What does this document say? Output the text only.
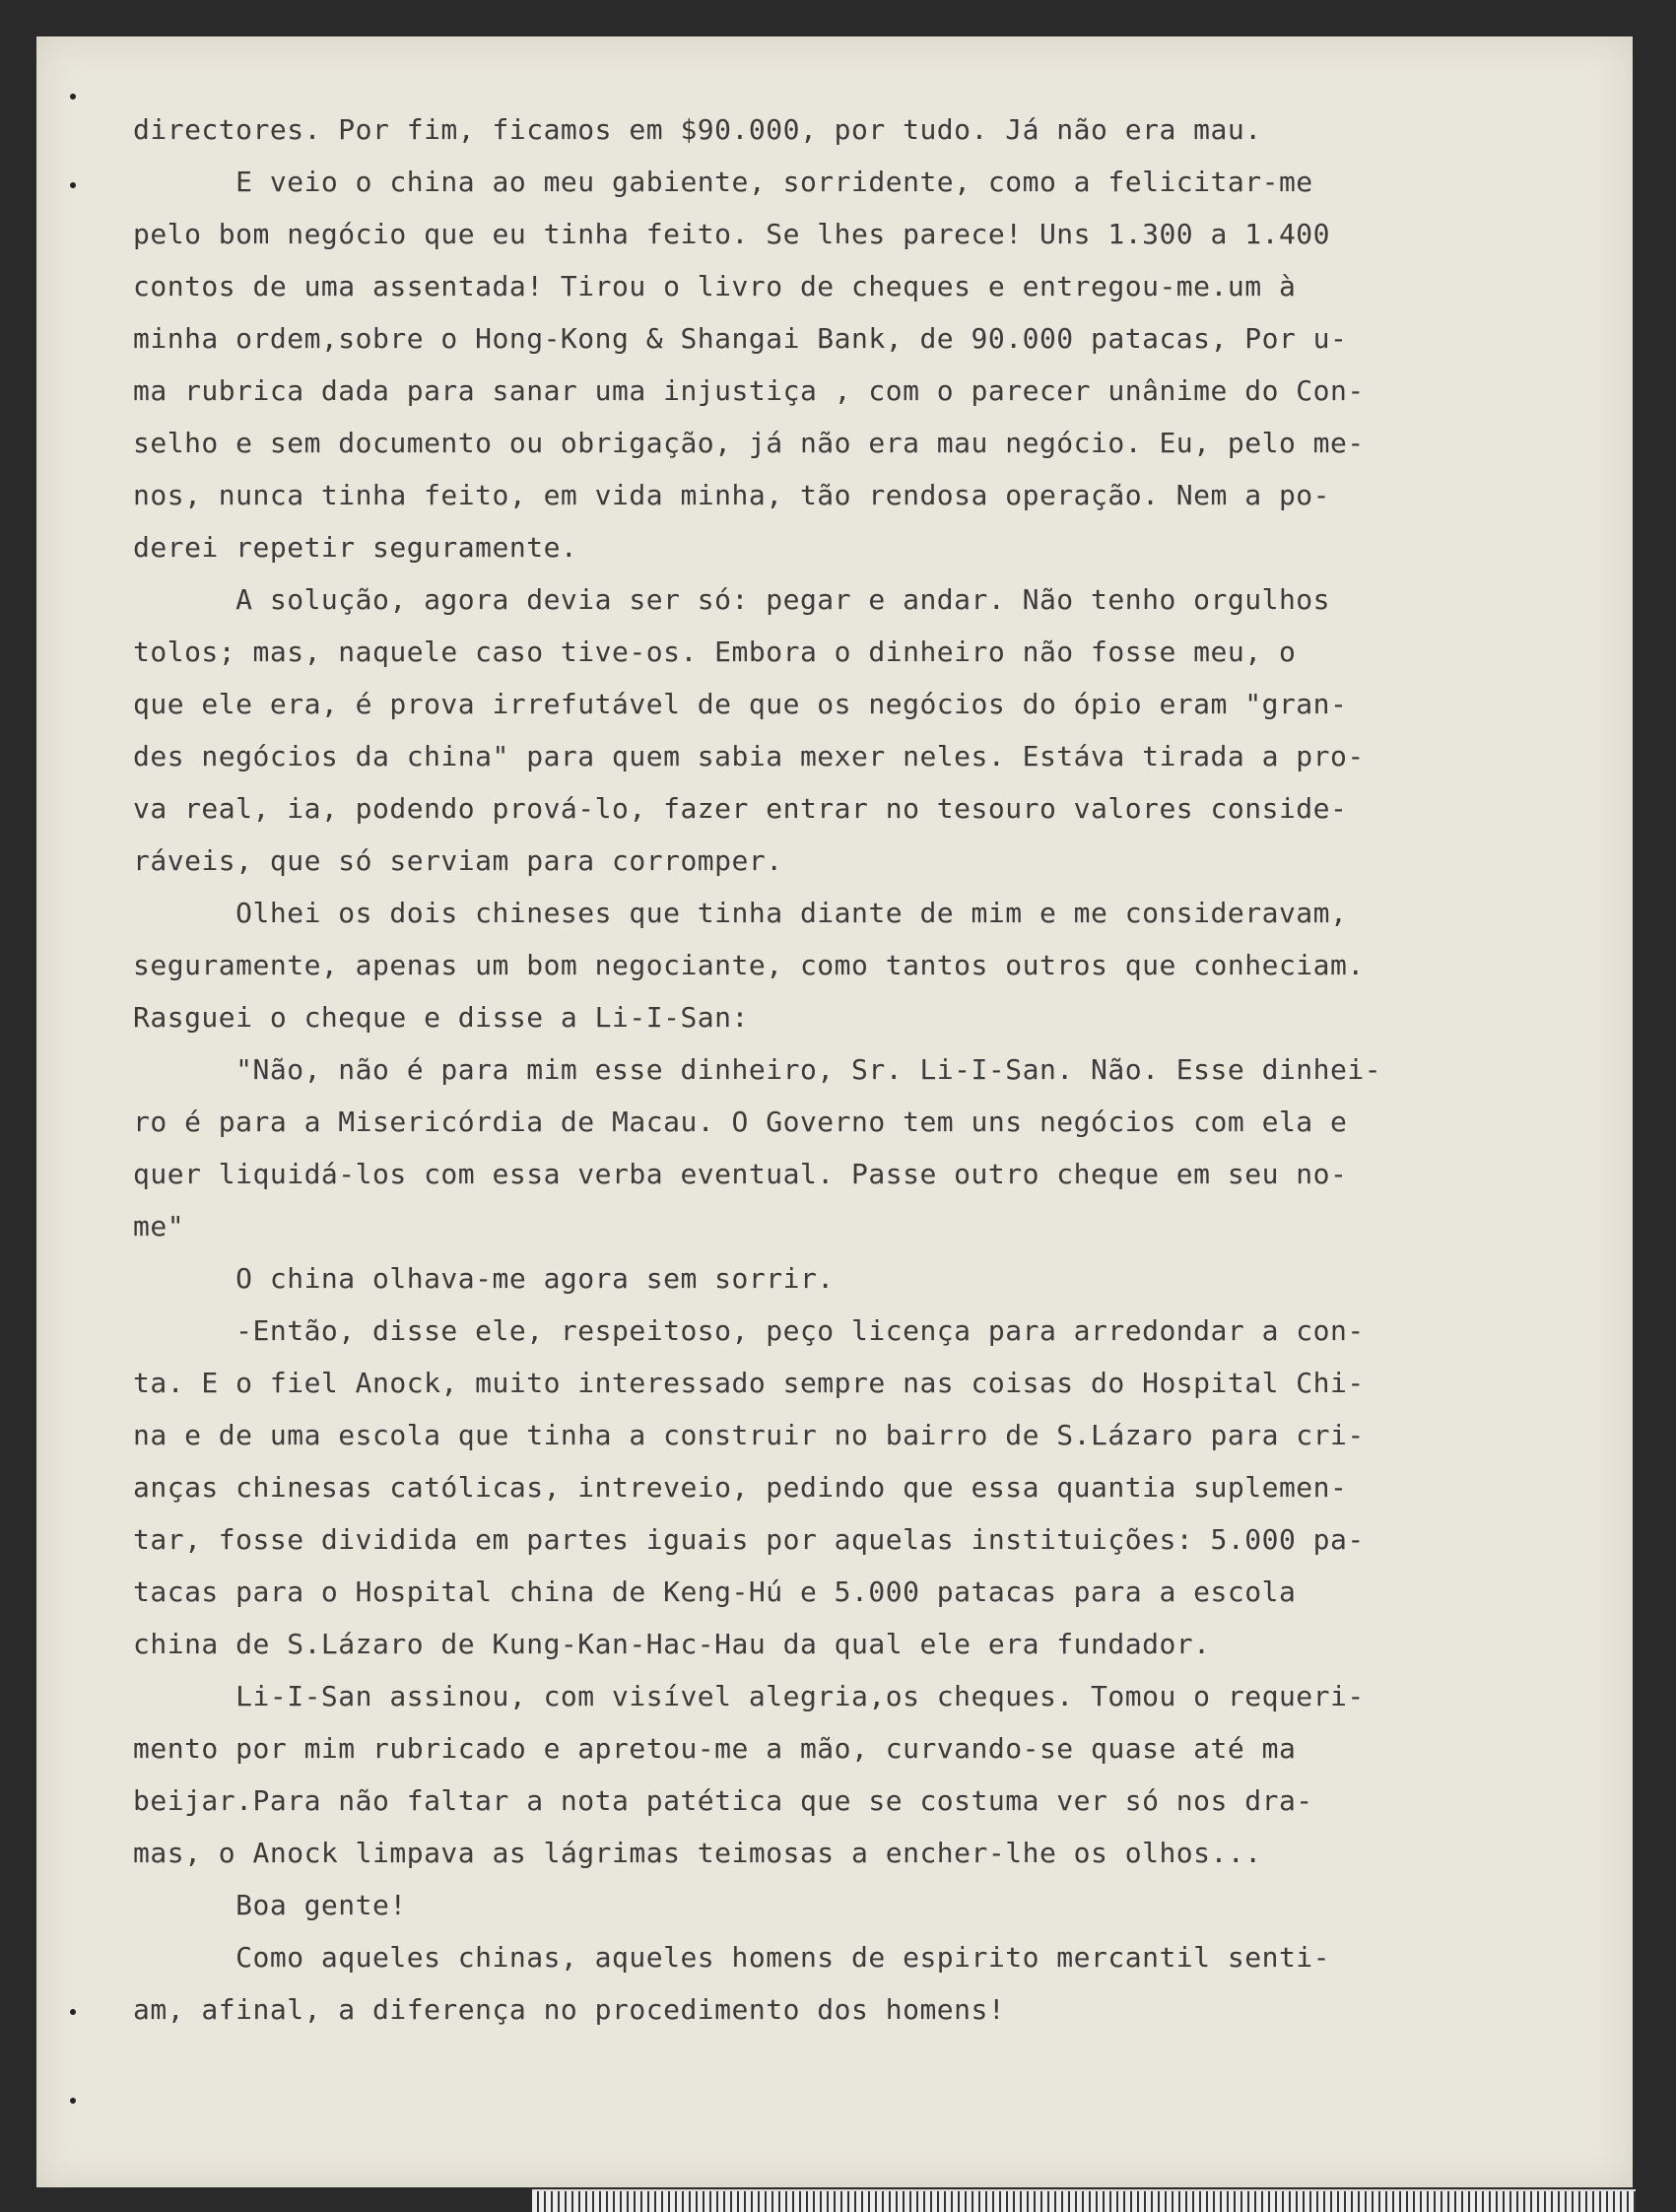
directores. Por fim, ficamos em $90.000, por tudo. Já não era mau.
E veio o china ao meu gabiente, sorridente, como a felicitar-me
pelo bom negócio que eu tinha feito. Se lhes parece! Uns 1.300 a 1.400
contos de uma assentada! Tirou o livro de cheques e entregou-me.um à
minha ordem,sobre o Hong-Kong & Shangai Bank, de 90.000 patacas, Por u-
ma rubrica dada para sanar uma injustiça , com o parecer unânime do Con-
selho e sem documento ou obrigação, já não era mau negócio. Eu, pelo me-
nos, nunca tinha feito, em vida minha, tão rendosa operação. Nem a po-
derei repetir seguramente.
A solução, agora devia ser só: pegar e andar. Não tenho orgulhos
tolos; mas, naquele caso tive-os. Embora o dinheiro não fosse meu, o
que ele era, é prova irrefutável de que os negócios do ópio eram "gran-
des negócios da china" para quem sabia mexer neles. Estáva tirada a pro-
va real, ia, podendo prová-lo, fazer entrar no tesouro valores conside-
ráveis, que só serviam para corromper.
Olhei os dois chineses que tinha diante de mim e me consideravam,
seguramente, apenas um bom negociante, como tantos outros que conheciam.
Rasguei o cheque e disse a Li-I-San:
"Não, não é para mim esse dinheiro, Sr. Li-I-San. Não. Esse dinhei-
ro é para a Misericórdia de Macau. O Governo tem uns negócios com ela e
quer liquidá-los com essa verba eventual. Passe outro cheque em seu no-
me"
O china olhava-me agora sem sorrir.
-Então, disse ele, respeitoso, peço licença para arredondar a con-
ta. E o fiel Anock, muito interessado sempre nas coisas do Hospital Chi-
na e de uma escola que tinha a construir no bairro de S.Lázaro para cri-
anças chinesas católicas, intreveio, pedindo que essa quantia suplemen-
tar, fosse dividida em partes iguais por aquelas instituições: 5.000 pa-
tacas para o Hospital china de Keng-Hú e 5.000 patacas para a escola
china de S.Lázaro de Kung-Kan-Hac-Hau da qual ele era fundador.
Li-I-San assinou, com visível alegria,os cheques. Tomou o requeri-
mento por mim rubricado e apretou-me a mão, curvando-se quase até ma
beijar.Para não faltar a nota patética que se costuma ver só nos dra-
mas, o Anock limpava as lágrimas teimosas a encher-lhe os olhos...
Boa gente!
Como aqueles chinas, aqueles homens de espirito mercantil senti-
am, afinal, a diferença no procedimento dos homens!
